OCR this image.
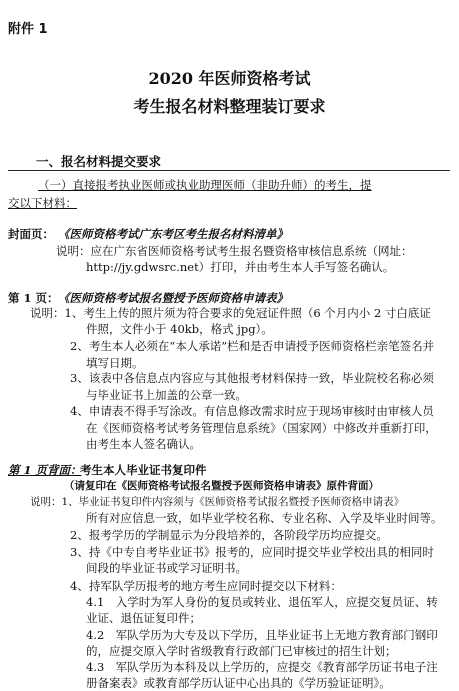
附件 1
2020 年医师资格考试
考生报名材料整理装订要求
一、报名材料提交要求
（一）直接报考执业医师或执业助理医师（非助升师）的考生，提
交以下材料：
封面页： 《医师资格考试广东考区考生报名材料清单》
说明：应在广东省医师资格考试考生报名暨资格审核信息系统（网址：
http://jy.gdwsrc.net）打印，并由考生本人手写签名确认。
第 1 页： 《医师资格考试报名暨授予医师资格申请表》
说明：1、考生上传的照片须为符合要求的免冠证件照（6 个月内小 2 寸白底证
件照，文件小于 40kb，格式 jpg）。
2、考生本人必须在“本人承诺”栏和是否申请授予医师资格栏亲笔签名并
填写日期。
3、该表中各信息点内容应与其他报考材料保持一致，毕业院校名称必须
与毕业证书上加盖的公章一致。
4、申请表不得手写涂改。有信息修改需求时应于现场审核时由审核人员
在《医师资格考试考务管理信息系统》（国家网）中修改并重新打印，
由考生本人签名确认。
第 1 页背面：
考生本人毕业证书复印件
（请复印在《医师资格考试报名暨授予医师资格申请表》原件背面）
说明：1、毕业证书复印件内容须与《医师资格考试报名暨授予医师资格申请表》
所有对应信息一致，如毕业学校名称、专业名称、入学及毕业时间等。
2、报考学历的学制显示为分段培养的，各阶段学历均应提交。
3、持《中专自考毕业证书》报考的，应同时提交毕业学校出具的相同时
间段的毕业证书或学习证明书。
4、持军队学历报考的地方考生应同时提交以下材料：
4.1　入学时为军人身份的复员或转业、退伍军人，应提交复员证、转
业证、退伍证复印件；
4.2　军队学历为大专及以下学历，且毕业证书上无地方教育部门钢印
的，应提交原入学时省级教育行政部门已审核过的招生计划；
4.3　军队学历为本科及以上学历的，应提交《教育部学历证书电子注
册备案表》或教育部学历认证中心出具的《学历验证证明》。
